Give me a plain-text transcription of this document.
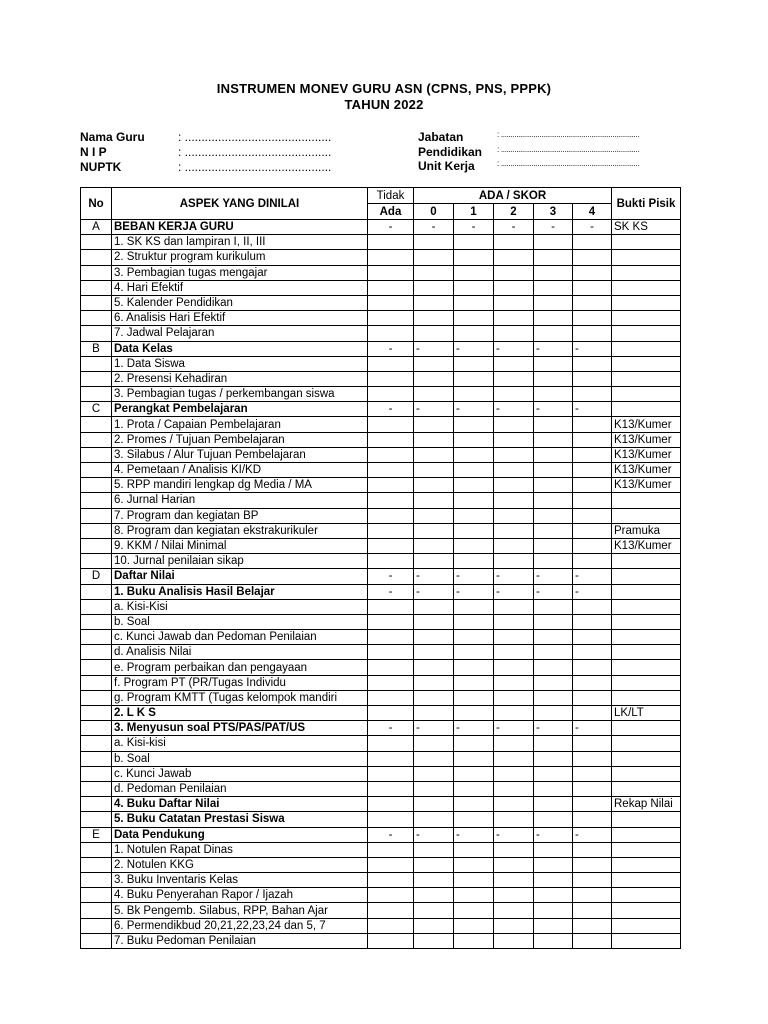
INSTRUMEN MONEV GURU ASN (CPNS, PNS, PPPK)
TAHUN 2022
Nama Guru	: ............................................
N I P	: ............................................
NUPTK	: ............................................
Jabatan	: ........................................................................
Pendidikan : ........................................................................
Unit Kerja	: ........................................................................
No	ASPEK YANG DINILAI	Tidak	ADA / SKOR					Bukti Pisik
		Ada	0	1	2	3	4	
A	BEBAN KERJA GURU	-	-	-	-	-	-	SK KS
	1. SK KS dan lampiran I, II, III							
	2. Struktur program kurikulum							
	3. Pembagian tugas mengajar							
	4. Hari Efektif							
	5. Kalender Pendidikan							
	6. Analisis Hari Efektif							
	7. Jadwal Pelajaran							
B	Data Kelas	-	-	-	-	-	-	
	1. Data Siswa							
	2. Presensi Kehadiran							
	3. Pembagian tugas / perkembangan siswa							
C	Perangkat Pembelajaran	-	-	-	-	-	-	
	1. Prota / Capaian Pembelajaran							K13/Kumer
	2. Promes / Tujuan Pembelajaran							K13/Kumer
	3. Silabus / Alur Tujuan Pembelajaran							K13/Kumer
	4. Pemetaan / Analisis KI/KD							K13/Kumer
	5. RPP mandiri lengkap dg Media / MA							K13/Kumer
	6. Jurnal Harian							
	7. Program dan kegiatan BP							
	8. Program dan kegiatan ekstrakurikuler							Pramuka
	9. KKM / Nilai Minimal							K13/Kumer
	10. Jurnal penilaian sikap							
D	Daftar Nilai	-	-	-	-	-	-	
	1. Buku Analisis Hasil Belajar	-	-	-	-	-	-	
	a. Kisi-Kisi							
	b. Soal							
	c. Kunci Jawab dan Pedoman Penilaian							
	d. Analisis Nilai							
	e. Program perbaikan dan pengayaan							
	f. Program PT (PR/Tugas Individu							
	g. Program KMTT (Tugas kelompok mandiri							
	2. L K S							LK/LT
	3. Menyusun soal PTS/PAS/PAT/US	-	-	-	-	-	-	
	a. Kisi-kisi							
	b. Soal							
	c. Kunci Jawab							
	d. Pedoman Penilaian							
	4. Buku Daftar Nilai							Rekap Nilai
	5. Buku Catatan Prestasi Siswa							
E	Data Pendukung	-	-	-	-	-	-	
	1. Notulen Rapat Dinas							
	2. Notulen KKG							
	3. Buku Inventaris Kelas							
	4. Buku Penyerahan Rapor / Ijazah							
	5. Bk Pengemb. Silabus, RPP, Bahan Ajar							
	6. Permendikbud 20,21,22,23,24 dan 5, 7							
	7. Buku Pedoman Penilaian							
